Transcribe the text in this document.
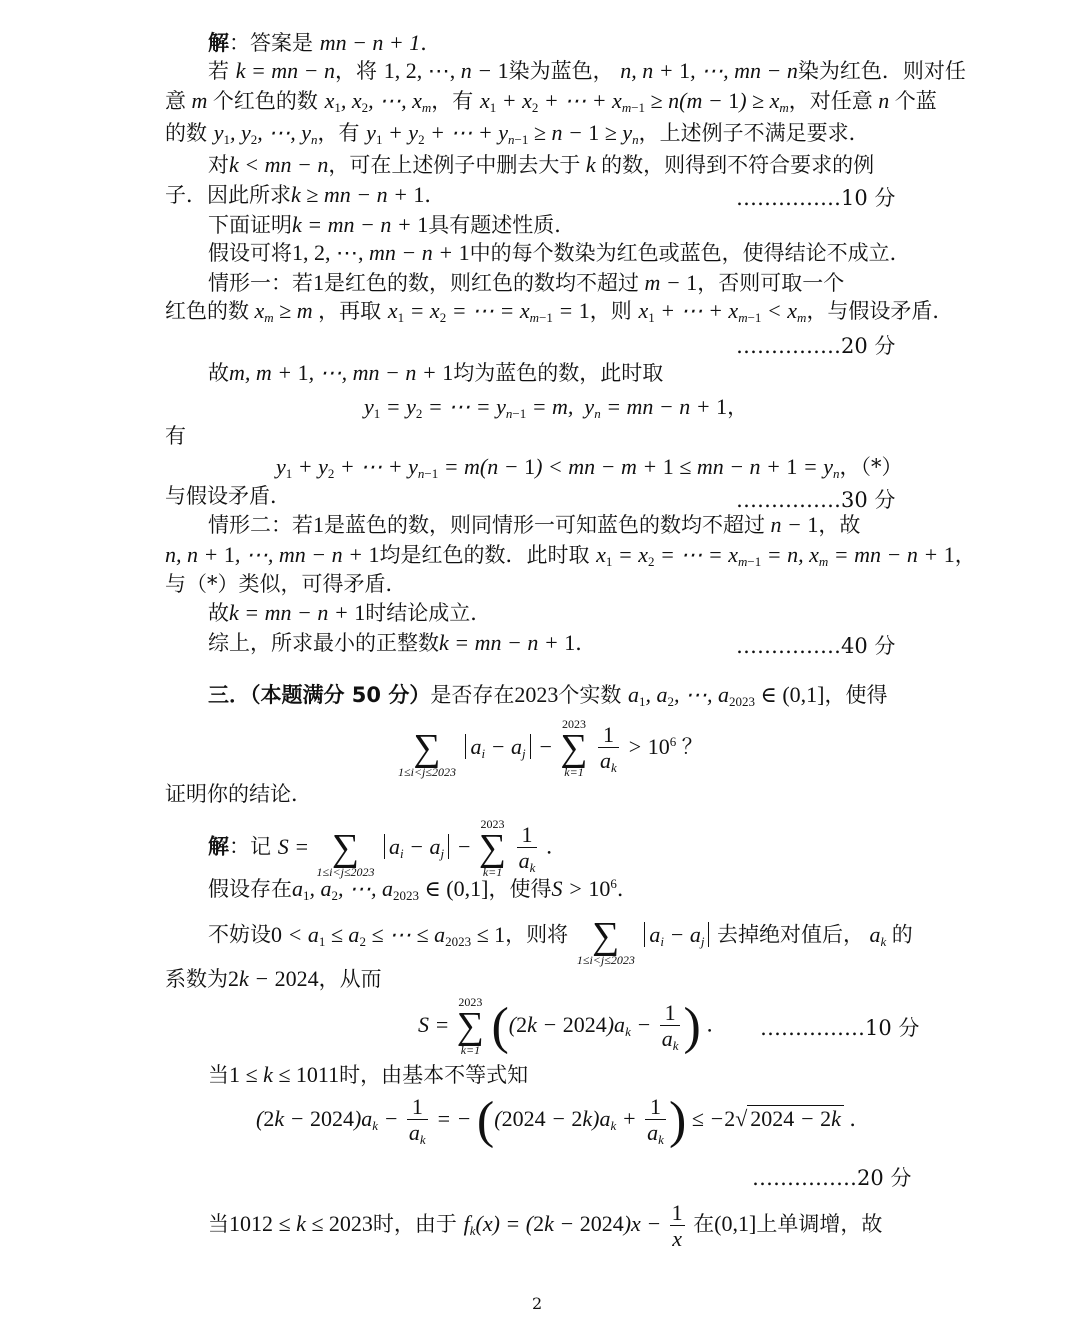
解：答案是 mn − n + 1．
若 k = mn − n，将 1, 2, ⋯, n − 1染为蓝色， n, n + 1, ⋯, mn − n染为红色．则对任
意 m 个红色的数 $x_1$, $x_2$, ⋯, $x_m$，有 $x_1 + x_2$ + ⋯ + $x_{m-1} \ge n(m - 1) \ge x_m$，对任意 n 个蓝
的数 $y_1$, $y_2$, ⋯, $y_n$，有 $y_1 + y_2$ + ⋯ + $y_{n-1} \ge n - 1 \ge y_n$，上述例子不满足要求．
对k < mn − n，可在上述例子中删去大于 k 的数，则得到不符合要求的例
子．因此所求k ≥ mn − n + 1．	……………10 分
下面证明k = mn − n + 1具有题述性质．
假设可将1, 2, ⋯, mn − n + 1中的每个数染为红色或蓝色，使得结论不成立．
情形一：若1是红色的数，则红色的数均不超过 m − 1，否则可取一个
红色的数 $x_m \ge m$ ，再取 $x_1 = x_2$ = ⋯ = $x_{m-1} = 1$，则 $x_1$ + ⋯ + $x_{m-1} < x_m$，与假设矛盾．
……………20 分
故m, m + 1, ⋯, mn − n + 1均为蓝色的数，此时取
$y_1 = y_2$ = ⋯ = $y_{n-1} = m$,  $y_n$ = mn − n + 1，
有
$y_1 + y_2$ + ⋯ + $y_{n-1} = m(n - 1)$ < mn − m + 1 ≤ mn − $n + 1 = y_n$，（*）
与假设矛盾．	……………30 分
情形二：若1是蓝色的数，则同情形一可知蓝色的数均不超过 n − 1，故
n, n + 1, ⋯, mn − n + 1均是红色的数．此时取 $x_1 = x_2$ = ⋯ = $x_{m-1} = n$, $x_m$ = mn − n + 1，
与（*）类似，可得矛盾．
故k = mn − n + 1时结论成立．
综上，所求最小的正整数k = mn − n + 1．	……………40 分
三．（本题满分 50 分）是否存在2023个实数 $a_1$, $a_2$, ⋯, $a_{2023}$ ∈ (0,1]，使得

∑
1≤i<j≤2023
$a_i - a_j$ −
2023
∑
k=1
$\frac{1}{a_k} > 10^6$ ？
证明你的结论．
解：记 S =
∑
1≤i<j≤2023
$a_i - a_j$ −
2023
∑
k=1
$\frac{1}{a_k}$ ．
假设存在$a_1$, $a_2$, ⋯, $a_{2023}$ ∈ (0,1]，使得$S > 10^6$．
不妨设$0 < a_1 \le a_2$ ≤ ⋯ ≤ $a_{2023} \le 1$，则将
∑
1≤i<j≤2023
$a_i - a_j$ 去掉绝对值后， $a_k$ 的
系数为2k − 2024，从而
S =
2023
∑
k=1 ($(2k - 2024)a_k - \frac{1}{a_k}$ ) ． ……………10 分
当1 ≤ k ≤ 1011时，由基本不等式知
$(2k - 2024)a_k - \frac{1}{a_k}$ = − ($(2024 - 2k)a_k + \frac{1}{a_k}$ ) ≤ −2√ 2024 − 2k ．
……………20 分
当1012 ≤ k ≤ 2023时，由于 $f_k(x) = (2k - 2024)x - \frac{1}{x}$ 在(0,1]上单调增，故
2
